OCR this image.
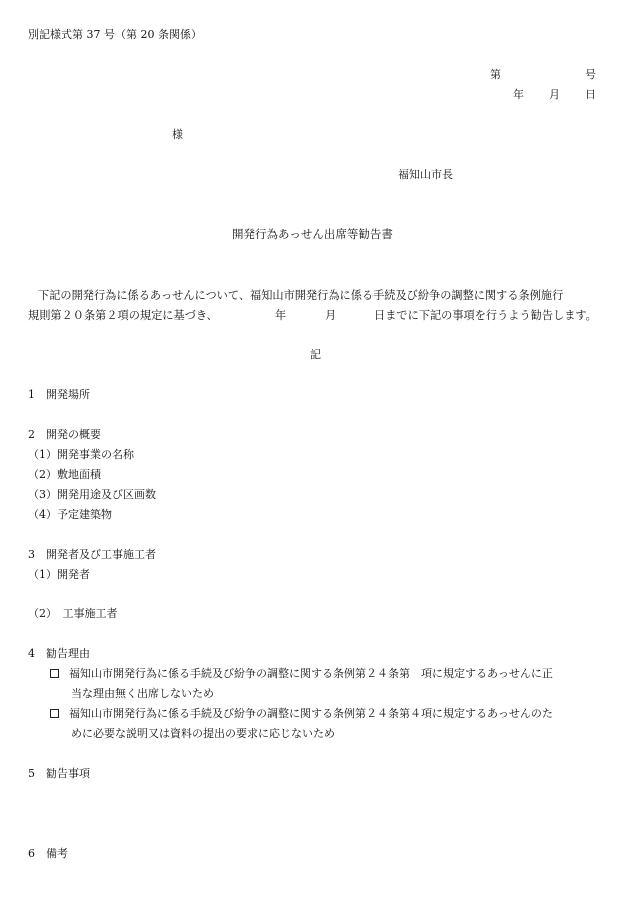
別記様式第 37 号（第 20 条関係）
第	号
年 月 日
様
福知山市長
開発行為あっせん出席等勧告書
下記の開発行為に係るあっせんについて、福知山市開発行為に係る手続及び紛争の調整に関する条例施行
規則第２０条第２項の規定に基づき、	年	月	日までに下記の事項を行うよう勧告します。
記
1　開発場所
2　開発の概要
（1）開発事業の名称
（2）敷地面積
（3）開発用途及び区画数
（4）予定建築物
3　開発者及び工事施工者
（1）開発者
（2）　工事施工者
4　勧告理由
福知山市開発行為に係る手続及び紛争の調整に関する条例第２４条第　項に規定するあっせんに正
当な理由無く出席しないため
福知山市開発行為に係る手続及び紛争の調整に関する条例第２４条第４項に規定するあっせんのた
めに必要な説明又は資料の提出の要求に応じないため
5　勧告事項
6　備考
